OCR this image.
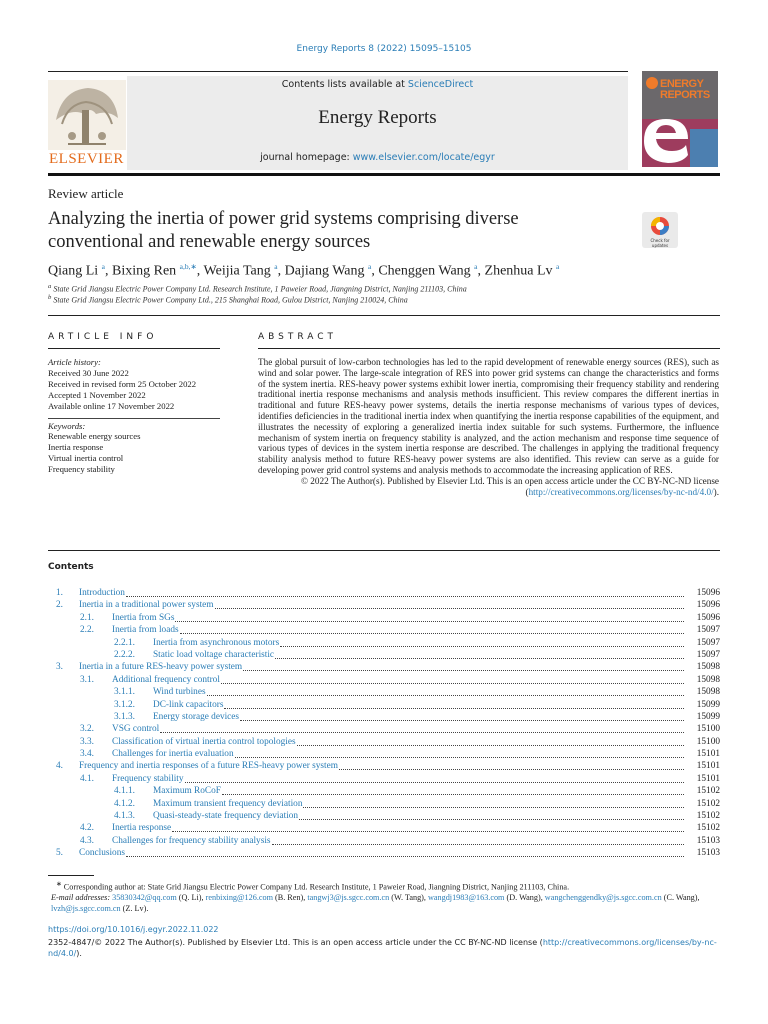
Energy Reports 8 (2022) 15095–15105
ELSEVIER
Contents lists available at ScienceDirect
Energy Reports
journal homepage: www.elsevier.com/locate/egyr
ENERGY
REPORTS
Review article
Analyzing the inertia of power grid systems comprising diverse conventional and renewable energy sources	Check for updates
Qiang Li $^a$, Bixing Ren $^{a,b,∗}$, Weijia Tang $^a$, Dajiang Wang $^a$, Chenggen Wang $^a$, Zhenhua Lv $^a$
$^a$ State Grid Jiangsu Electric Power Company Ltd. Research Institute, 1 Paweier Road, Jiangning District, Nanjing 211103, China
$^b$ State Grid Jiangsu Electric Power Company Ltd., 215 Shanghai Road, Gulou District, Nanjing 210024, China
ARTICLE INFO	ABSTRACT
Article history:
Received 30 June 2022
Received in revised form 25 October 2022
Accepted 1 November 2022
Available online 17 November 2022
Keywords:
Renewable energy sources
Inertia response
Virtual inertia control
Frequency stability
The global pursuit of low-carbon technologies has led to the rapid development of renewable energy sources (RES), such as wind and solar power. The large-scale integration of RES into power grid systems can change the characteristics and forms of the system inertia. RES-heavy power systems exhibit lower inertia, compromising their frequency stability and rendering traditional inertia response mechanisms and analysis methods insufficient. This review compares the different inertias in traditional and future RES-heavy power systems, details the inertia response mechanisms of various types of devices, identifies deficiencies in the traditional inertia index when quantifying the inertia response capabilities of the equipment, and illustrates the necessity of exploring a generalized inertia index suitable for such systems. Furthermore, the influence mechanism of system inertia on frequency stability is analyzed, and the action mechanism and response time sequence of various types of devices in the system inertia response are described. The challenges in applying the traditional frequency stability analysis method to future RES-heavy power systems are also identified. This review can serve as a guide for developing power grid control systems and analysis methods to accommodate the increasing application of RES.
© 2022 The Author(s). Published by Elsevier Ltd. This is an open access article under the CC BY-NC-ND license (http://creativecommons.org/licenses/by-nc-nd/4.0/).
Contents
1. Introduction	15096
2. Inertia in a traditional power system	15096
2.1. Inertia from SGs	15096
2.2. Inertia from loads	15097
2.2.1. Inertia from asynchronous motors	15097
2.2.2. Static load voltage characteristic	15097
3. Inertia in a future RES-heavy power system	15098
3.1. Additional frequency control	15098
3.1.1. Wind turbines	15098
3.1.2. DC-link capacitors	15099
3.1.3. Energy storage devices	15099
3.2. VSG control	15100
3.3. Classification of virtual inertia control topologies	15100
3.4. Challenges for inertia evaluation	15101
4. Frequency and inertia responses of a future RES-heavy power system	15101
4.1. Frequency stability	15101
4.1.1. Maximum RoCoF	15102
4.1.2. Maximum transient frequency deviation	15102
4.1.3. Quasi-steady-state frequency deviation	15102
4.2. Inertia response	15102
4.3. Challenges for frequency stability analysis	15103
5. Conclusions	15103
∗ Corresponding author at: State Grid Jiangsu Electric Power Company Ltd. Research Institute, 1 Paweier Road, Jiangning District, Nanjing 211103, China.
E-mail addresses: 35830342@qq.com (Q. Li), renbixing@126.com (B. Ren), tangwj3@js.sgcc.com.cn (W. Tang), wangdj1983@163.com (D. Wang), wangchenggendky@js.sgcc.com.cn (C. Wang), lvzh@js.sgcc.com.cn (Z. Lv).
https://doi.org/10.1016/j.egyr.2022.11.022
2352-4847/© 2022 The Author(s). Published by Elsevier Ltd. This is an open access article under the CC BY-NC-ND license (http://creativecommons.org/licenses/by-nc-nd/4.0/).
